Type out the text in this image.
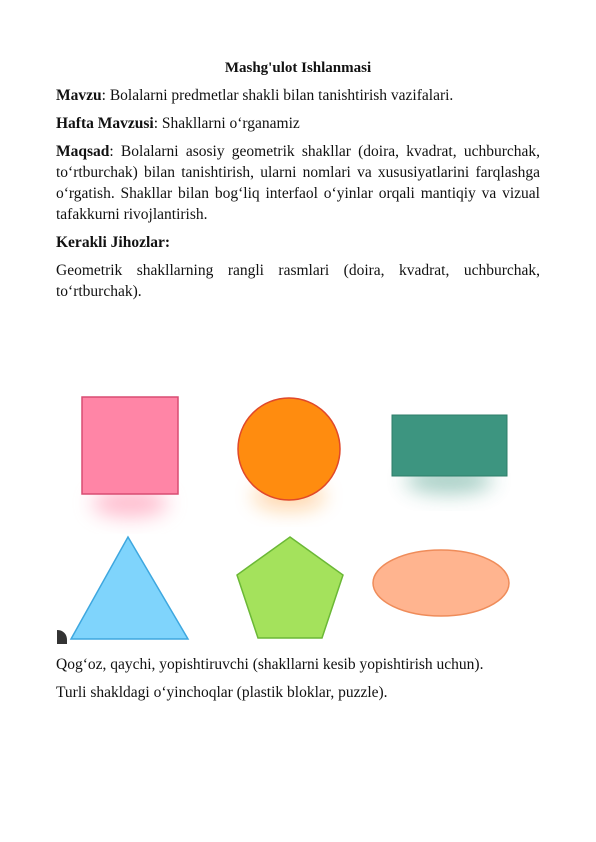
Mashg'ulot Ishlanmasi

Mavzu: Bolalarni predmetlar shakli bilan tanishtirish vazifalari.

Hafta Mavzusi: Shakllarni o‘rganamiz

Maqsad: Bolalarni asosiy geometrik shakllar (doira, kvadrat, uchburchak, to‘rtburchak) bilan tanishtirish, ularni nomlari va xususiyatlarini farqlashga o‘rgatish. Shakllar bilan bog‘liq interfaol o‘yinlar orqali mantiqiy va vizual tafakkurni rivojlantirish.

Kerakli Jihozlar:

Geometrik shakllarning rangli rasmlari (doira, kvadrat, uchburchak, to‘rtburchak).

Qog‘oz, qaychi, yopishtiruvchi (shakllarni kesib yopishtirish uchun).

Turli shakldagi o‘yinchoqlar (plastik bloklar, puzzle).
